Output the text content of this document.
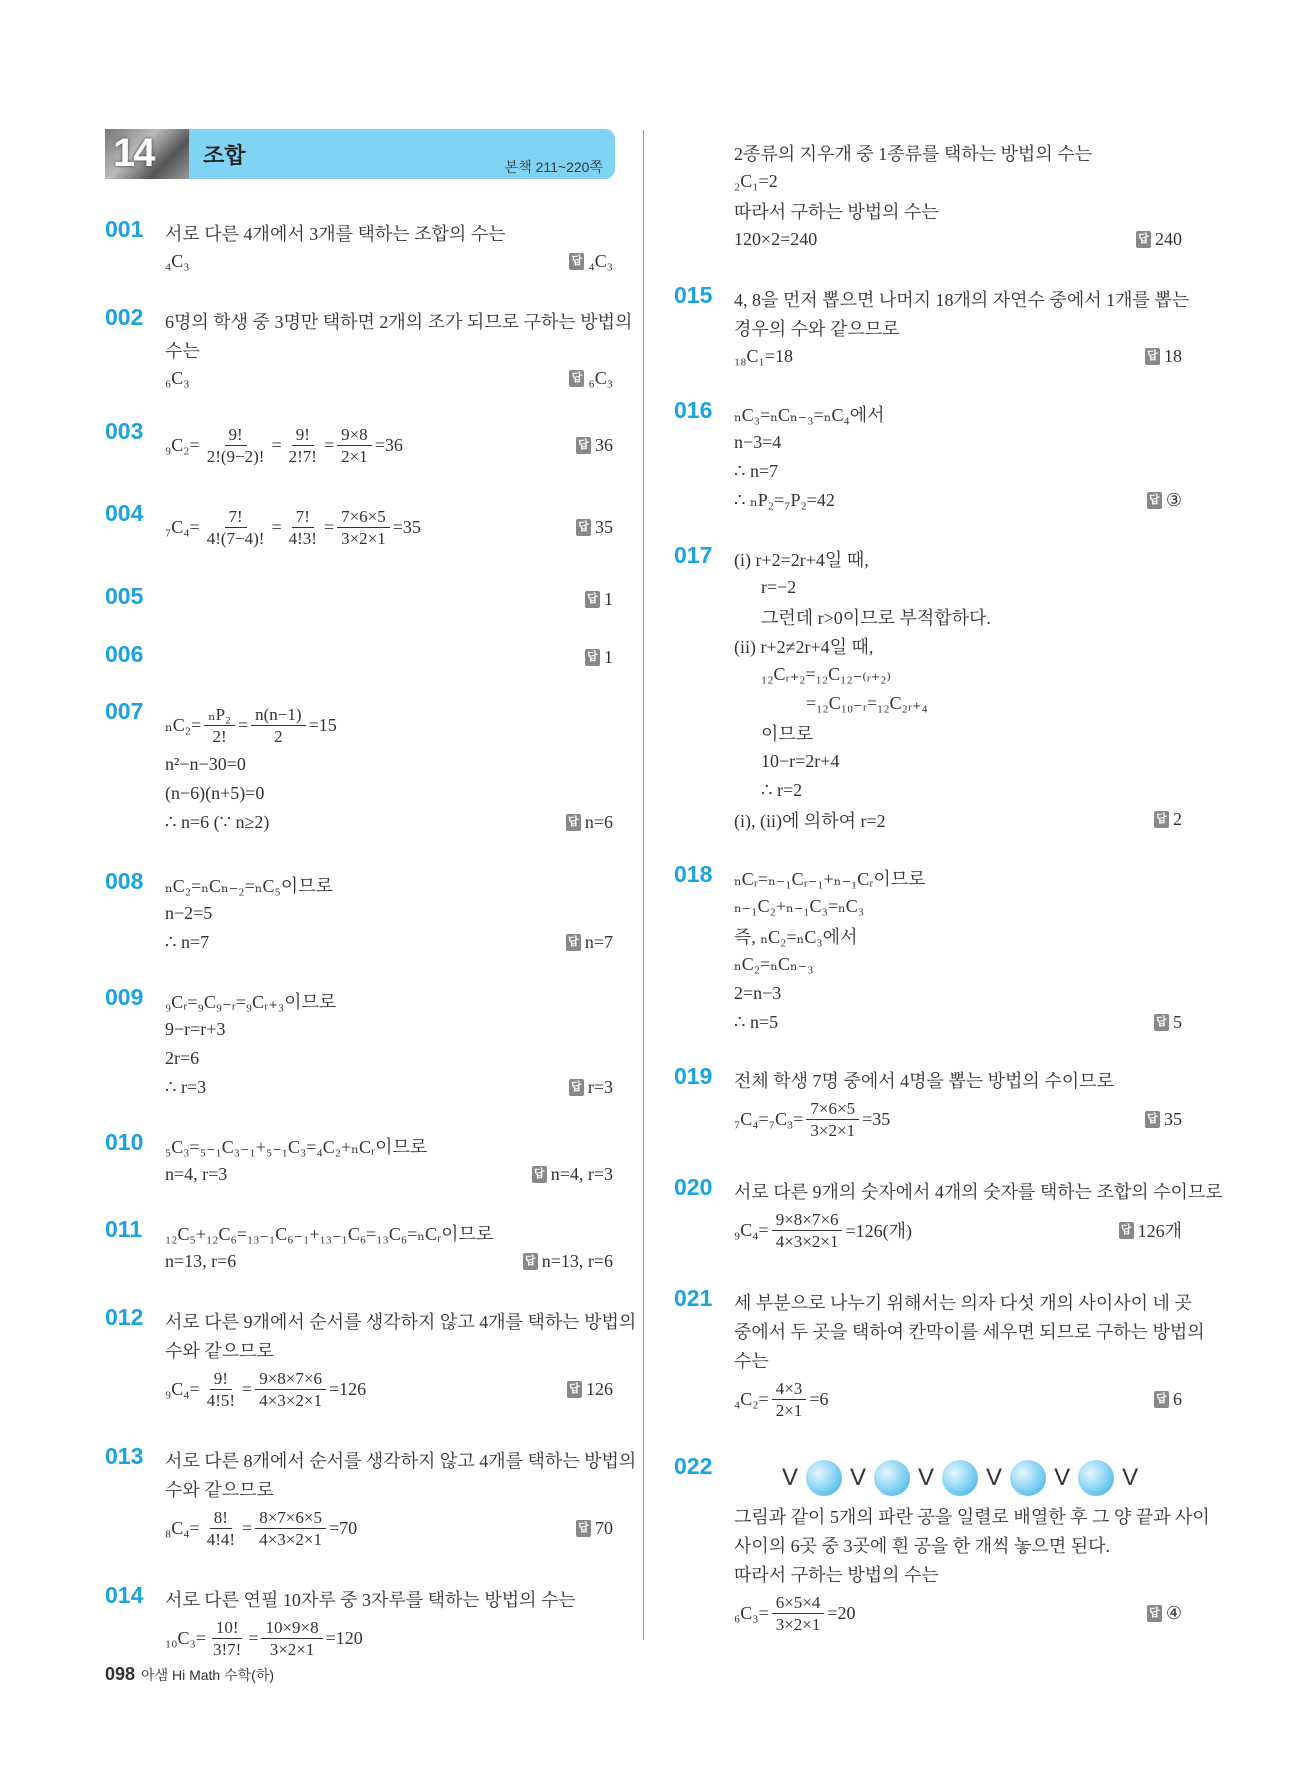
14 조합	본책 211~220쪽
001 서로 다른 4개에서 3개를 택하는 조합의 수는
₄C₃	답 ₄C₃
002 6명의 학생 중 3명만 택하면 2개의 조가 되므로 구하는 방법의
수는
₆C₃	답 ₆C₃
003
$_9C_2= \frac{9!}{2!(9-2)!} = \frac{9!}{2!7!} = \frac{9\times 8}{2\times 1} =36$	답 36
004
$_7C_4= \frac{7!}{4!(7-4)!} = \frac{7!}{4!3!} = \frac{7\times 6\times 5}{3\times 2\times 1} =35$	답 35
005	답 1
006	답 1
007
$_nC_2= \frac{\text{ₙP₂}}{2!} = \frac{n(n-1)}{2} =15$
n²−n−30=0
(n−6)(n+5)=0
∴ n=6 (∵ n≥2)	답 n=6
008 ₙC₂=ₙCₙ₋₂=ₙC₅이므로
n−2=5
∴ n=7	답 n=7
009 ₉Cᵣ=₉C₉₋ᵣ=₉Cᵣ₊₃이므로
9−r=r+3
2r=6
∴ r=3	답 r=3
010 ₅C₃=₅₋₁C₃₋₁+₅₋₁C₃=₄C₂+ₙCᵣ이므로
n=4, r=3	답 n=4, r=3
011 ₁₂C₅+₁₂C₆=₁₃₋₁C₆₋₁+₁₃₋₁C₆=₁₃C₆=ₙCᵣ이므로
n=13, r=6	답 n=13, r=6
012 서로 다른 9개에서 순서를 생각하지 않고 4개를 택하는 방법의
수와 같으므로
$_9C_4= \frac{9!}{4!5!} = \frac{9\times 8\times 7\times 6}{4\times 3\times 2\times 1} =126$	답 126
013 서로 다른 8개에서 순서를 생각하지 않고 4개를 택하는 방법의
수와 같으므로
$_8C_4= \frac{8!}{4!4!} = \frac{8\times 7\times 6\times 5}{4\times 3\times 2\times 1} =70$	답 70
014 서로 다른 연필 10자루 중 3자루를 택하는 방법의 수는
$_{10}C_3= \frac{10!}{3!7!} = \frac{10\times 9\times 8}{3\times 2\times 1} =120$
2종류의 지우개 중 1종류를 택하는 방법의 수는
₂C₁=2
따라서 구하는 방법의 수는
120×2=240	답 240
015 4, 8을 먼저 뽑으면 나머지 18개의 자연수 중에서 1개를 뽑는
경우의 수와 같으므로
₁₈C₁=18	답 18
016 ₙC₃=ₙCₙ₋₃=ₙC₄에서
n−3=4
∴ n=7
∴ ₙP₂=₇P₂=42	답 ③
017 (i) r+2=2r+4일 때,
r=−2
그런데 r>0이므로 부적합하다.
(ii) r+2≠2r+4일 때,
₁₂Cᵣ₊₂=₁₂C₁₂₋₍ᵣ₊₂₎
=₁₂C₁₀₋ᵣ=₁₂C₂ᵣ₊₄
이므로
10−r=2r+4
∴ r=2
(i), (ii)에 의하여 r=2	답 2
018 ₙCᵣ=ₙ₋₁Cᵣ₋₁+ₙ₋₁Cᵣ이므로
ₙ₋₁C₂+ₙ₋₁C₃=ₙC₃
즉, ₙC₂=ₙC₃에서
ₙC₂=ₙCₙ₋₃
2=n−3
∴ n=5	답 5
019 전체 학생 7명 중에서 4명을 뽑는 방법의 수이므로
$_7C_4=_7C_3= \frac{7\times 6\times 5}{3\times 2\times 1} =35$	답 35
020 서로 다른 9개의 숫자에서 4개의 숫자를 택하는 조합의 수이므로
$_9C_4= \frac{9\times 8\times 7\times 6}{4\times 3\times 2\times 1} =126$(개)	답 126개
021 세 부분으로 나누기 위해서는 의자 다섯 개의 사이사이 네 곳
중에서 두 곳을 택하여 칸막이를 세우면 되므로 구하는 방법의
수는
$_4C_2= \frac{4\times 3}{2\times 1} =6$	답 6
022	V V V V V V
그림과 같이 5개의 파란 공을 일렬로 배열한 후 그 양 끝과 사이
사이의 6곳 중 3곳에 흰 공을 한 개씩 놓으면 된다.
따라서 구하는 방법의 수는
$_6C_3= \frac{6\times 5\times 4}{3\times 2\times 1} =20$	답 ④
098 아샘 Hi Math 수학(하)
